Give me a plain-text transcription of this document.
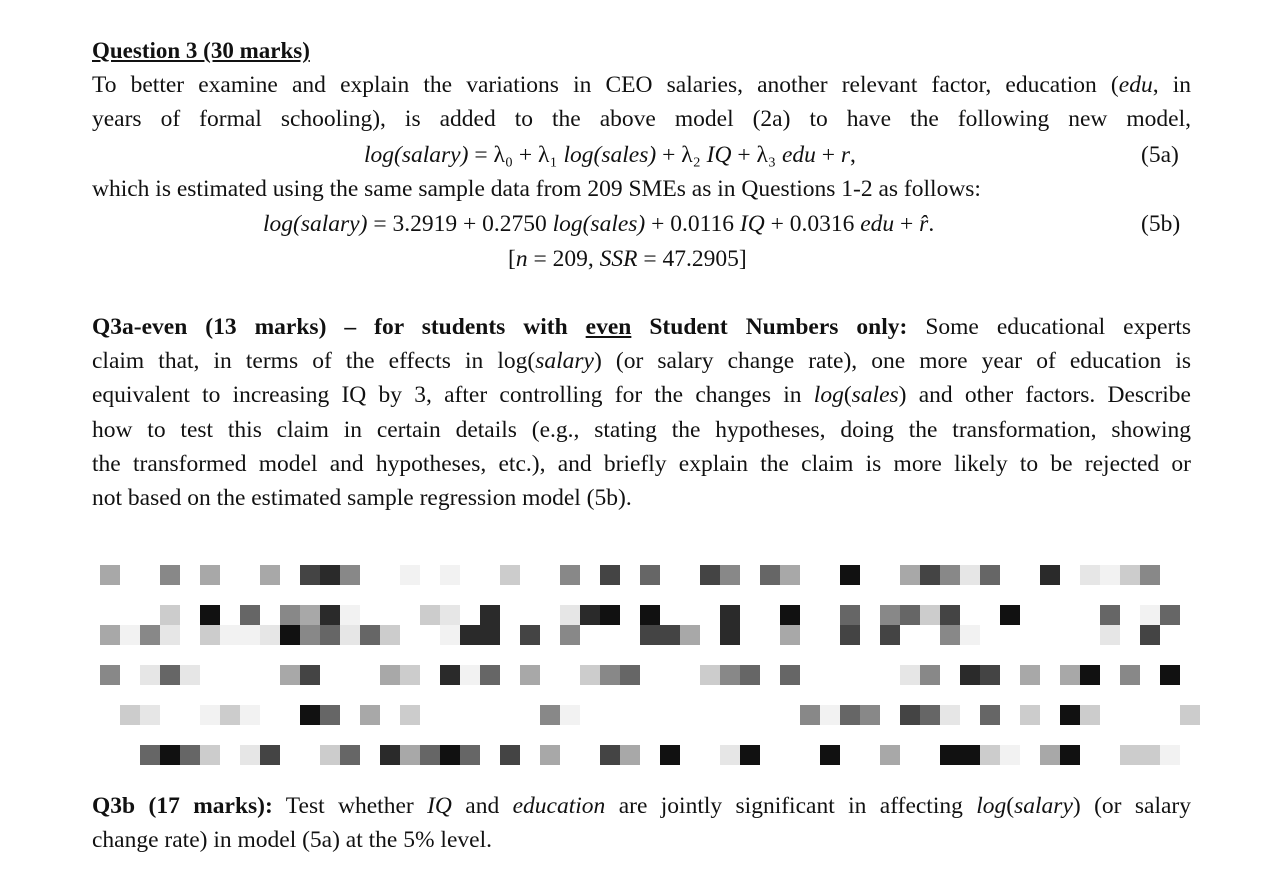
Question 3 (30 marks)
To better examine and explain the variations in CEO salaries, another relevant factor, education (edu, in
years of formal schooling), is added to the above model (2a) to have the following new model,
log(salary) = λ₀ + λ₁ log(sales) + λ₂ IQ + λ₃ edu + r,	(5a)
which is estimated using the same sample data from 209 SMEs as in Questions 1-2 as follows:
log(salary) = 3.2919 + 0.2750 log(sales) + 0.0116 IQ + 0.0316 edu + r̂.	(5b)
[n = 209, SSR = 47.2905]
Q3a-even (13 marks) – for students with even Student Numbers only: Some educational experts
claim that, in terms of the effects in log(salary) (or salary change rate), one more year of education is
equivalent to increasing IQ by 3, after controlling for the changes in log(sales) and other factors. Describe
how to test this claim in certain details (e.g., stating the hypotheses, doing the transformation, showing
the transformed model and hypotheses, etc.), and briefly explain the claim is more likely to be rejected or
not based on the estimated sample regression model (5b).
Q3b (17 marks): Test whether IQ and education are jointly significant in affecting log(salary) (or salary
change rate) in model (5a) at the 5% level.
